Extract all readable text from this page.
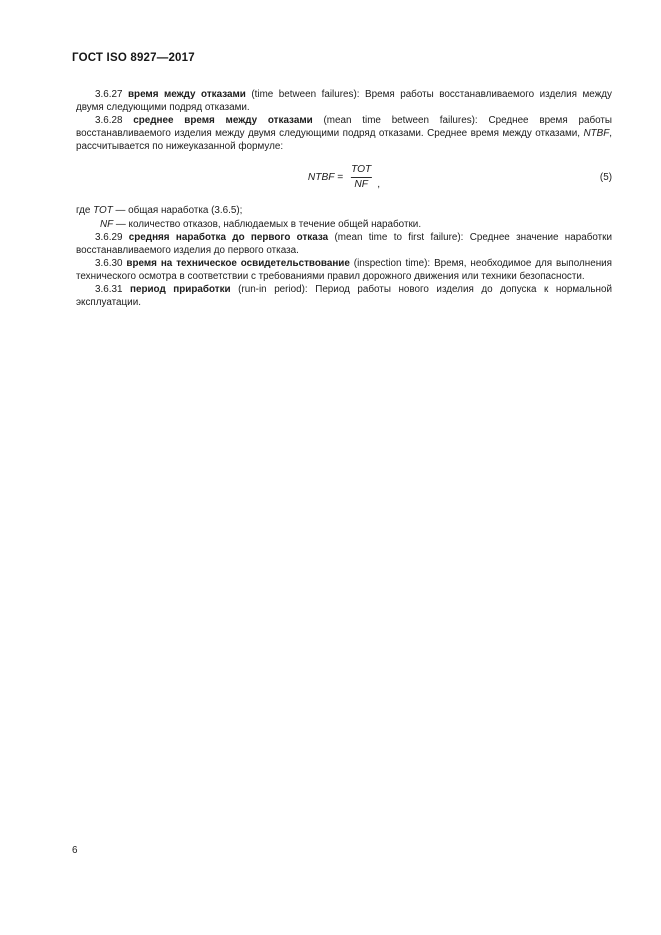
ГОСТ ISO 8927—2017

3.6.27 время между отказами (time between failures): Время работы восстанавливаемого изделия между двумя следующими подряд отказами.

3.6.28 среднее время между отказами (mean time between failures): Среднее время работы восстанавливаемого изделия между двумя следующими подряд отказами. Среднее время между отказами, NTBF, рассчитывается по нижеуказанной формуле:

NTBF = $\frac{\text{TOT}}{NF}$ ,
(5)

где TOT — общая наработка (3.6.5);

NF — количество отказов, наблюдаемых в течение общей наработки.

3.6.29 средняя наработка до первого отказа (mean time to first failure): Среднее значение наработки восстанавливаемого изделия до первого отказа.

3.6.30 время на техническое освидетельствование (inspection time): Время, необходимое для выполнения технического осмотра в соответствии с требованиями правил дорожного движения или техники безопасности.

3.6.31 период приработки (run-in period): Период работы нового изделия до допуска к нормальной эксплуатации.

6
